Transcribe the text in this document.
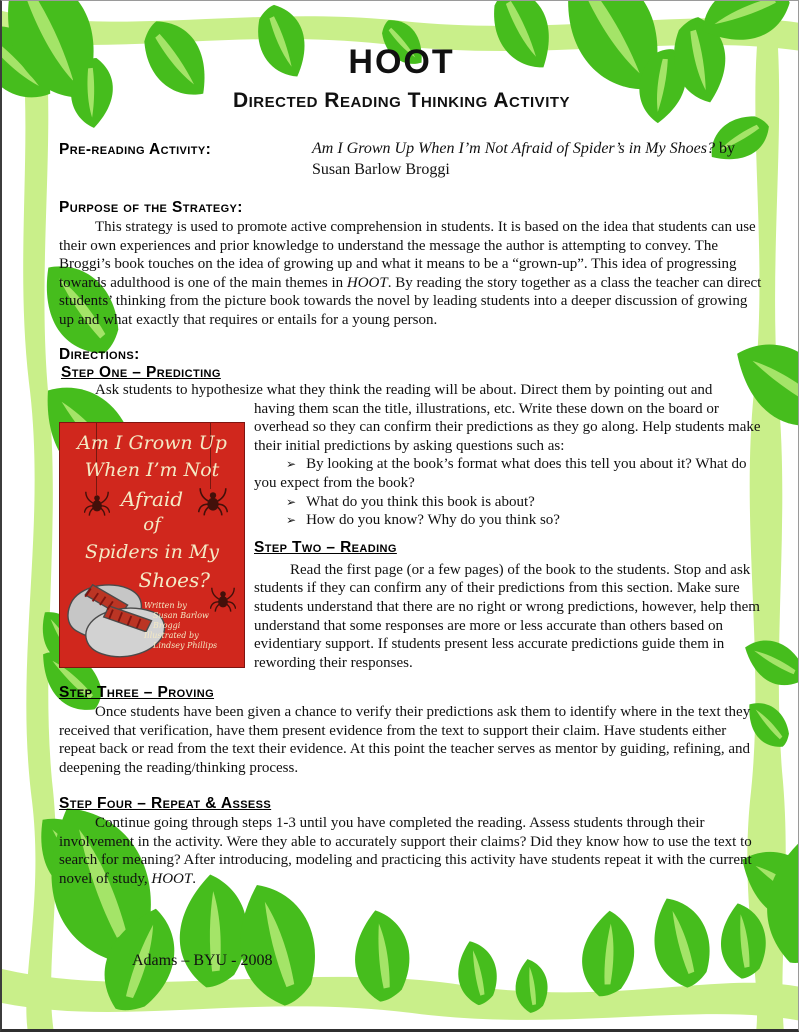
HOOT
Directed Reading Thinking Activity
Pre-reading Activity:	Am I Grown Up When I’m Not Afraid of Spider’s in My Shoes? by Susan Barlow Broggi
Purpose of the Strategy:

This strategy is used to promote active comprehension in students. It is based on the idea that students can use their own experiences and prior knowledge to understand the message the author is attempting to convey. The Broggi’s book touches on the idea of growing up and what it means to be a “grown-up”. This idea of progressing towards adulthood is one of the main themes in HOOT. By reading the story together as a class the teacher can direct students’ thinking from the picture book towards the novel by leading students into a deeper discussion of growing up and what exactly that requires or entails for a young person.

Directions:
Step One – Predicting

Ask students to hypothesize what they think the reading will be about. Direct them by pointing out and

Am I Grown Up
When I’m Not
Afraid
of
Spiders in My
Shoes?
Written by
Susan Barlow Broggi
Illustrated by
Lindsey Phillips

having them scan the title, illustrations, etc. Write these down on the board or overhead so they can confirm their predictions as they go along. Help students make their initial predictions by asking questions such as:

➢ By looking at the book’s format what does this tell you about it? What do you expect from the book?

➢ What do you think this book is about?

➢ How do you know? Why do you think so?

Step Two – Reading

Read the first page (or a few pages) of the book to the students. Stop and ask students if they can confirm any of their predictions from this section. Make sure students understand that there are no right or wrong predictions, however, help them understand that some responses are more or less accurate than others based on evidentiary support. If students present less accurate predictions guide them in rewording their responses.

Step Three – Proving

Once students have been given a chance to verify their predictions ask them to identify where in the text they received that verification, have them present evidence from the text to support their claim. Have students either repeat back or read from the text their evidence. At this point the teacher serves as mentor by guiding, refining, and deepening the reading/thinking process.

Step Four – Repeat & Assess

Continue going through steps 1-3 until you have completed the reading. Assess students through their involvement in the activity. Were they able to accurately support their claims? Did they know how to use the text to search for meaning? After introducing, modeling and practicing this activity have students repeat it with the current novel of study, HOOT.

Adams – BYU - 2008
